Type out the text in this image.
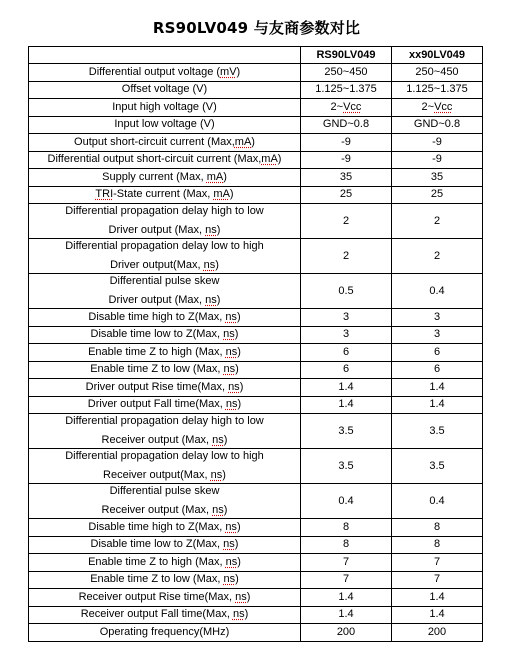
RS90LV049 与友商参数对比
	RS90LV049	xx90LV049
Differential output voltage (mV)	250~450	250~450
Offset voltage (V)	1.125~1.375	1.125~1.375
Input high voltage (V)	2~Vcc	2~Vcc
Input low voltage (V)	GND~0.8	GND~0.8
Output short-circuit current (Max,mA)	-9	-9
Differential output short-circuit current (Max,mA)	-9	-9
Supply current (Max, mA)	35	35
TRI-State current (Max, mA)	25	25
Differential propagation delay high to low
Driver output (Max, ns)	2	2
Differential propagation delay low to high
Driver output(Max, ns)	2	2
Differential pulse skew
Driver output (Max, ns)	0.5	0.4
Disable time high to Z(Max, ns)	3	3
Disable time low to Z(Max, ns)	3	3
Enable time Z to high (Max, ns)	6	6
Enable time Z to low (Max, ns)	6	6
Driver output Rise time(Max, ns)	1.4	1.4
Driver output Fall time(Max, ns)	1.4	1.4
Differential propagation delay high to low
Receiver output (Max, ns)	3.5	3.5
Differential propagation delay low to high
Receiver output(Max, ns)	3.5	3.5
Differential pulse skew
Receiver output (Max, ns)	0.4	0.4
Disable time high to Z(Max, ns)	8	8
Disable time low to Z(Max, ns)	8	8
Enable time Z to high (Max, ns)	7	7
Enable time Z to low (Max, ns)	7	7
Receiver output Rise time(Max, ns)	1.4	1.4
Receiver output Fall time(Max, ns)	1.4	1.4
Operating frequency(MHz)	200	200
